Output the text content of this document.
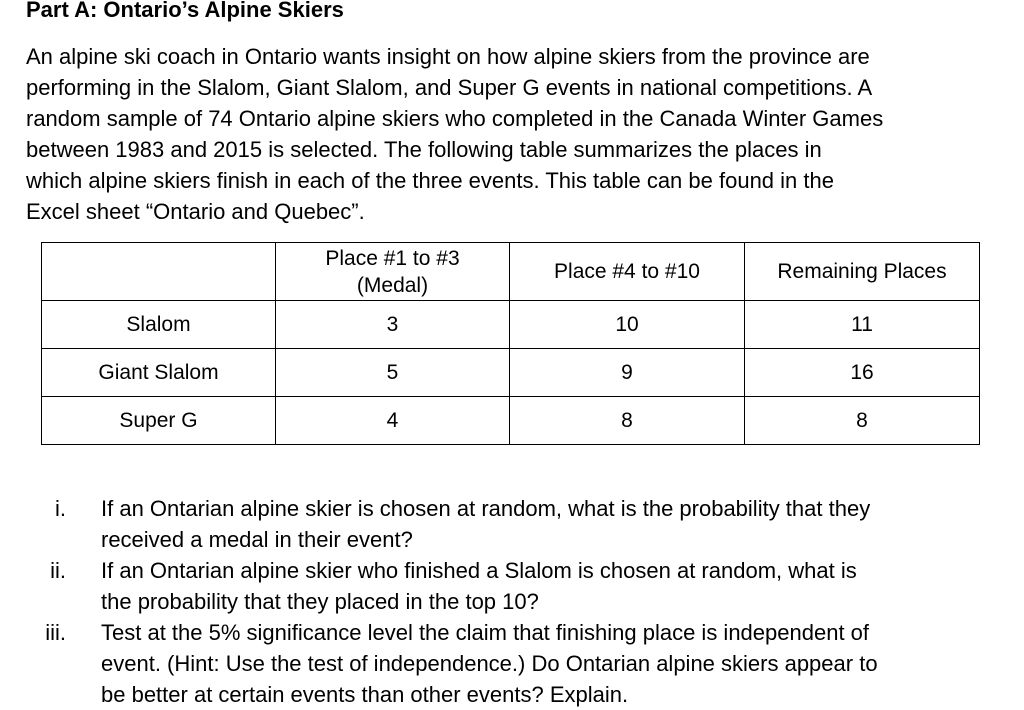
Part A: Ontario’s Alpine Skiers
An alpine ski coach in Ontario wants insight on how alpine skiers from the province are
performing in the Slalom, Giant Slalom, and Super G events in national competitions. A
random sample of 74 Ontario alpine skiers who completed in the Canada Winter Games
between 1983 and 2015 is selected. The following table summarizes the places in
which alpine skiers finish in each of the three events. This table can be found in the
Excel sheet “Ontario and Quebec”.
	Place #1 to #3
(Medal)	Place #4 to #10	Remaining Places
Slalom	3	10	11
Giant Slalom	5	9	16
Super G	4	8	8
i. If an Ontarian alpine skier is chosen at random, what is the probability that they
received a medal in their event?
ii. If an Ontarian alpine skier who finished a Slalom is chosen at random, what is
the probability that they placed in the top 10?
iii. Test at the 5% significance level the claim that finishing place is independent of
event. (Hint: Use the test of independence.) Do Ontarian alpine skiers appear to
be better at certain events than other events? Explain.
